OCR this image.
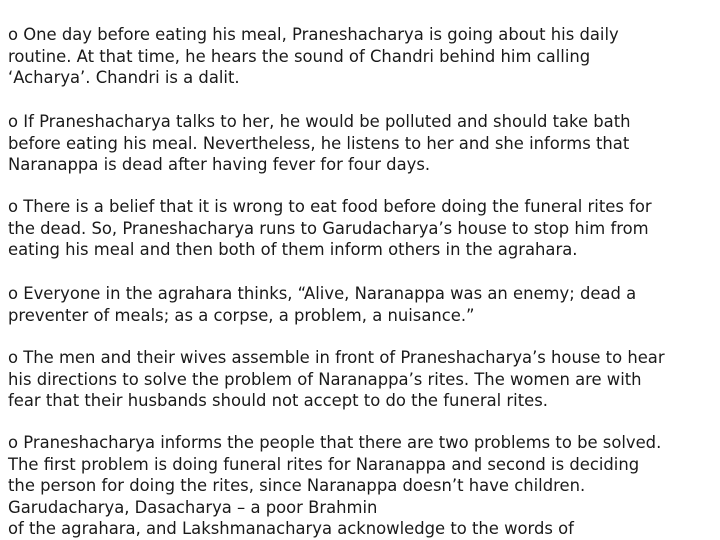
o One day before eating his meal, Praneshacharya is going about his daily
routine. At that time, he hears the sound of Chandri behind him calling
‘Acharya’. Chandri is a dalit.

o If Praneshacharya talks to her, he would be polluted and should take bath
before eating his meal. Nevertheless, he listens to her and she informs that
Naranappa is dead after having fever for four days.

o There is a belief that it is wrong to eat food before doing the funeral rites for
the dead. So, Praneshacharya runs to Garudacharya’s house to stop him from
eating his meal and then both of them inform others in the agrahara.

o Everyone in the agrahara thinks, “Alive, Naranappa was an enemy; dead a
preventer of meals; as a corpse, a problem, a nuisance.”

o The men and their wives assemble in front of Praneshacharya’s house to hear
his directions to solve the problem of Naranappa’s rites. The women are with
fear that their husbands should not accept to do the funeral rites.

o Praneshacharya informs the people that there are two problems to be solved.
The first problem is doing funeral rites for Naranappa and second is deciding
the person for doing the rites, since Naranappa doesn’t have children.
Garudacharya, Dasacharya – a poor Brahmin
of the agrahara, and Lakshmanacharya acknowledge to the words of
